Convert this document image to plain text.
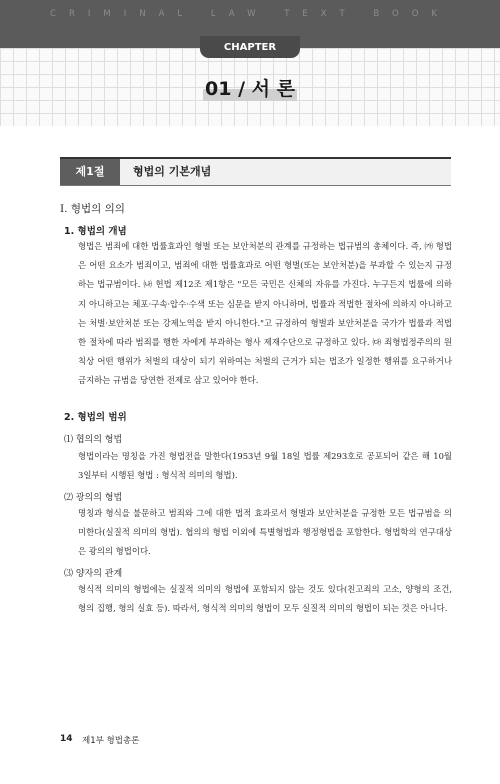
CRIMINAL LAW TEXT BOOK
CHAPTER
01 / 서 론
제1절	형법의 기본개념
Ⅰ. 형법의 의의
1. 형법의 개념
형법은 범죄에 대한 법률효과인 형벌 또는 보안처분의 관계를 규정하는 법규범의 총체이다. 즉, ㈎ 형법은 어떤 요소가 범죄이고, 범죄에 대한 법률효과로 어떤 형벌(또는 보안처분)을 부과할 수 있는지 규정하는 법규범이다. ㈏ 헌법 제12조 제1항은 "모든 국민은 신체의 자유를 가진다. 누구든지 법률에 의하지 아니하고는 체포·구속·압수·수색 또는 심문을 받지 아니하며, 법률과 적법한 절차에 의하지 아니하고는 처벌·보안처분 또는 강제노역을 받지 아니한다."고 규정하여 형벌과 보안처분을 국가가 법률과 적법한 절차에 따라 범죄를 행한 자에게 부과하는 형사 제재수단으로 규정하고 있다. ㈐ 죄형법정주의의 원칙상 어떤 행위가 처벌의 대상이 되기 위하여는 처벌의 근거가 되는 법조가 일정한 행위를 요구하거나 금지하는 규범을 당연한 전제로 삼고 있어야 한다.
2. 형법의 범위
⑴ 협의의 형법
형법이라는 명칭을 가진 형법전을 말한다(1953년 9월 18일 법률 제293호로 공포되어 같은 해 10월 3일부터 시행된 형법 : 형식적 의미의 형법).
⑵ 광의의 형법
명칭과 형식을 불문하고 범죄와 그에 대한 법적 효과로서 형벌과 보안처분을 규정한 모든 법규범을 의미한다(실질적 의미의 형법). 협의의 형법 이외에 특별형법과 행정형법을 포함한다. 형법학의 연구대상은 광의의 형법이다.
⑶ 양자의 관계
형식적 의미의 형법에는 실질적 의미의 형법에 포함되지 않는 것도 있다(친고죄의 고소, 양형의 조건, 형의 집행, 형의 실효 등). 따라서, 형식적 의미의 형법이 모두 실질적 의미의 형법이 되는 것은 아니다.
14 제1부 형법총론
